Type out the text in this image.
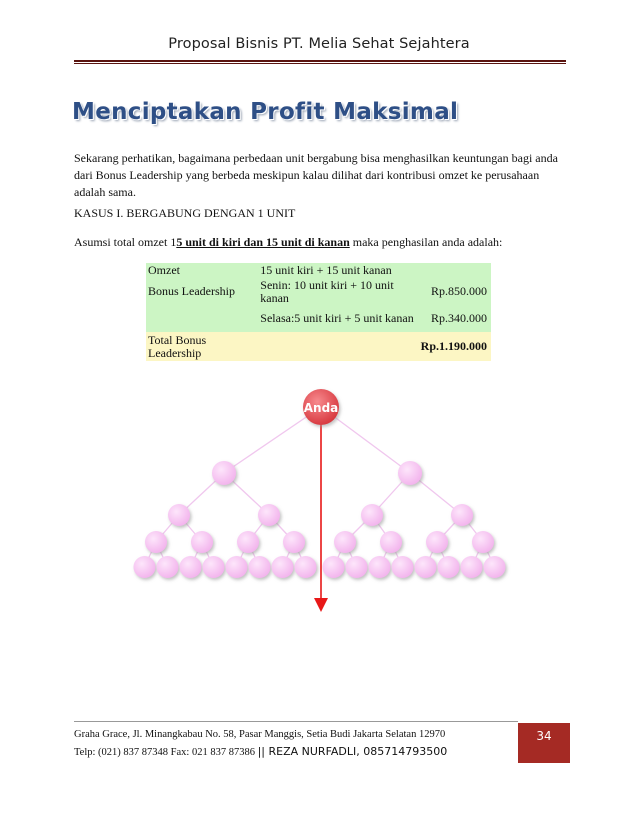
Proposal Bisnis PT. Melia Sehat Sejahtera
Menciptakan Profit Maksimal
Sekarang perhatikan, bagaimana perbedaan unit bergabung bisa menghasilkan keuntungan bagi anda dari Bonus Leadership yang berbeda meskipun kalau dilihat dari kontribusi omzet ke perusahaan adalah sama.
KASUS I. BERGABUNG DENGAN 1 UNIT
Asumsi total omzet 15 unit di kiri dan 15 unit di kanan maka penghasilan anda adalah:
Omzet	15 unit kiri + 15 unit kanan	
Bonus Leadership	Senin: 10 unit kiri + 10 unit kanan	Rp.850.000
	Selasa:5 unit kiri + 5 unit kanan	Rp.340.000
Total Bonus Leadership		Rp.1.190.000
Anda
Graha Grace, Jl. Minangkabau No. 58, Pasar Manggis, Setia Budi Jakarta Selatan 12970
Telp: (021) 837 87348 Fax: 021 837 87386 || REZA NURFADLI, 085714793500
34
